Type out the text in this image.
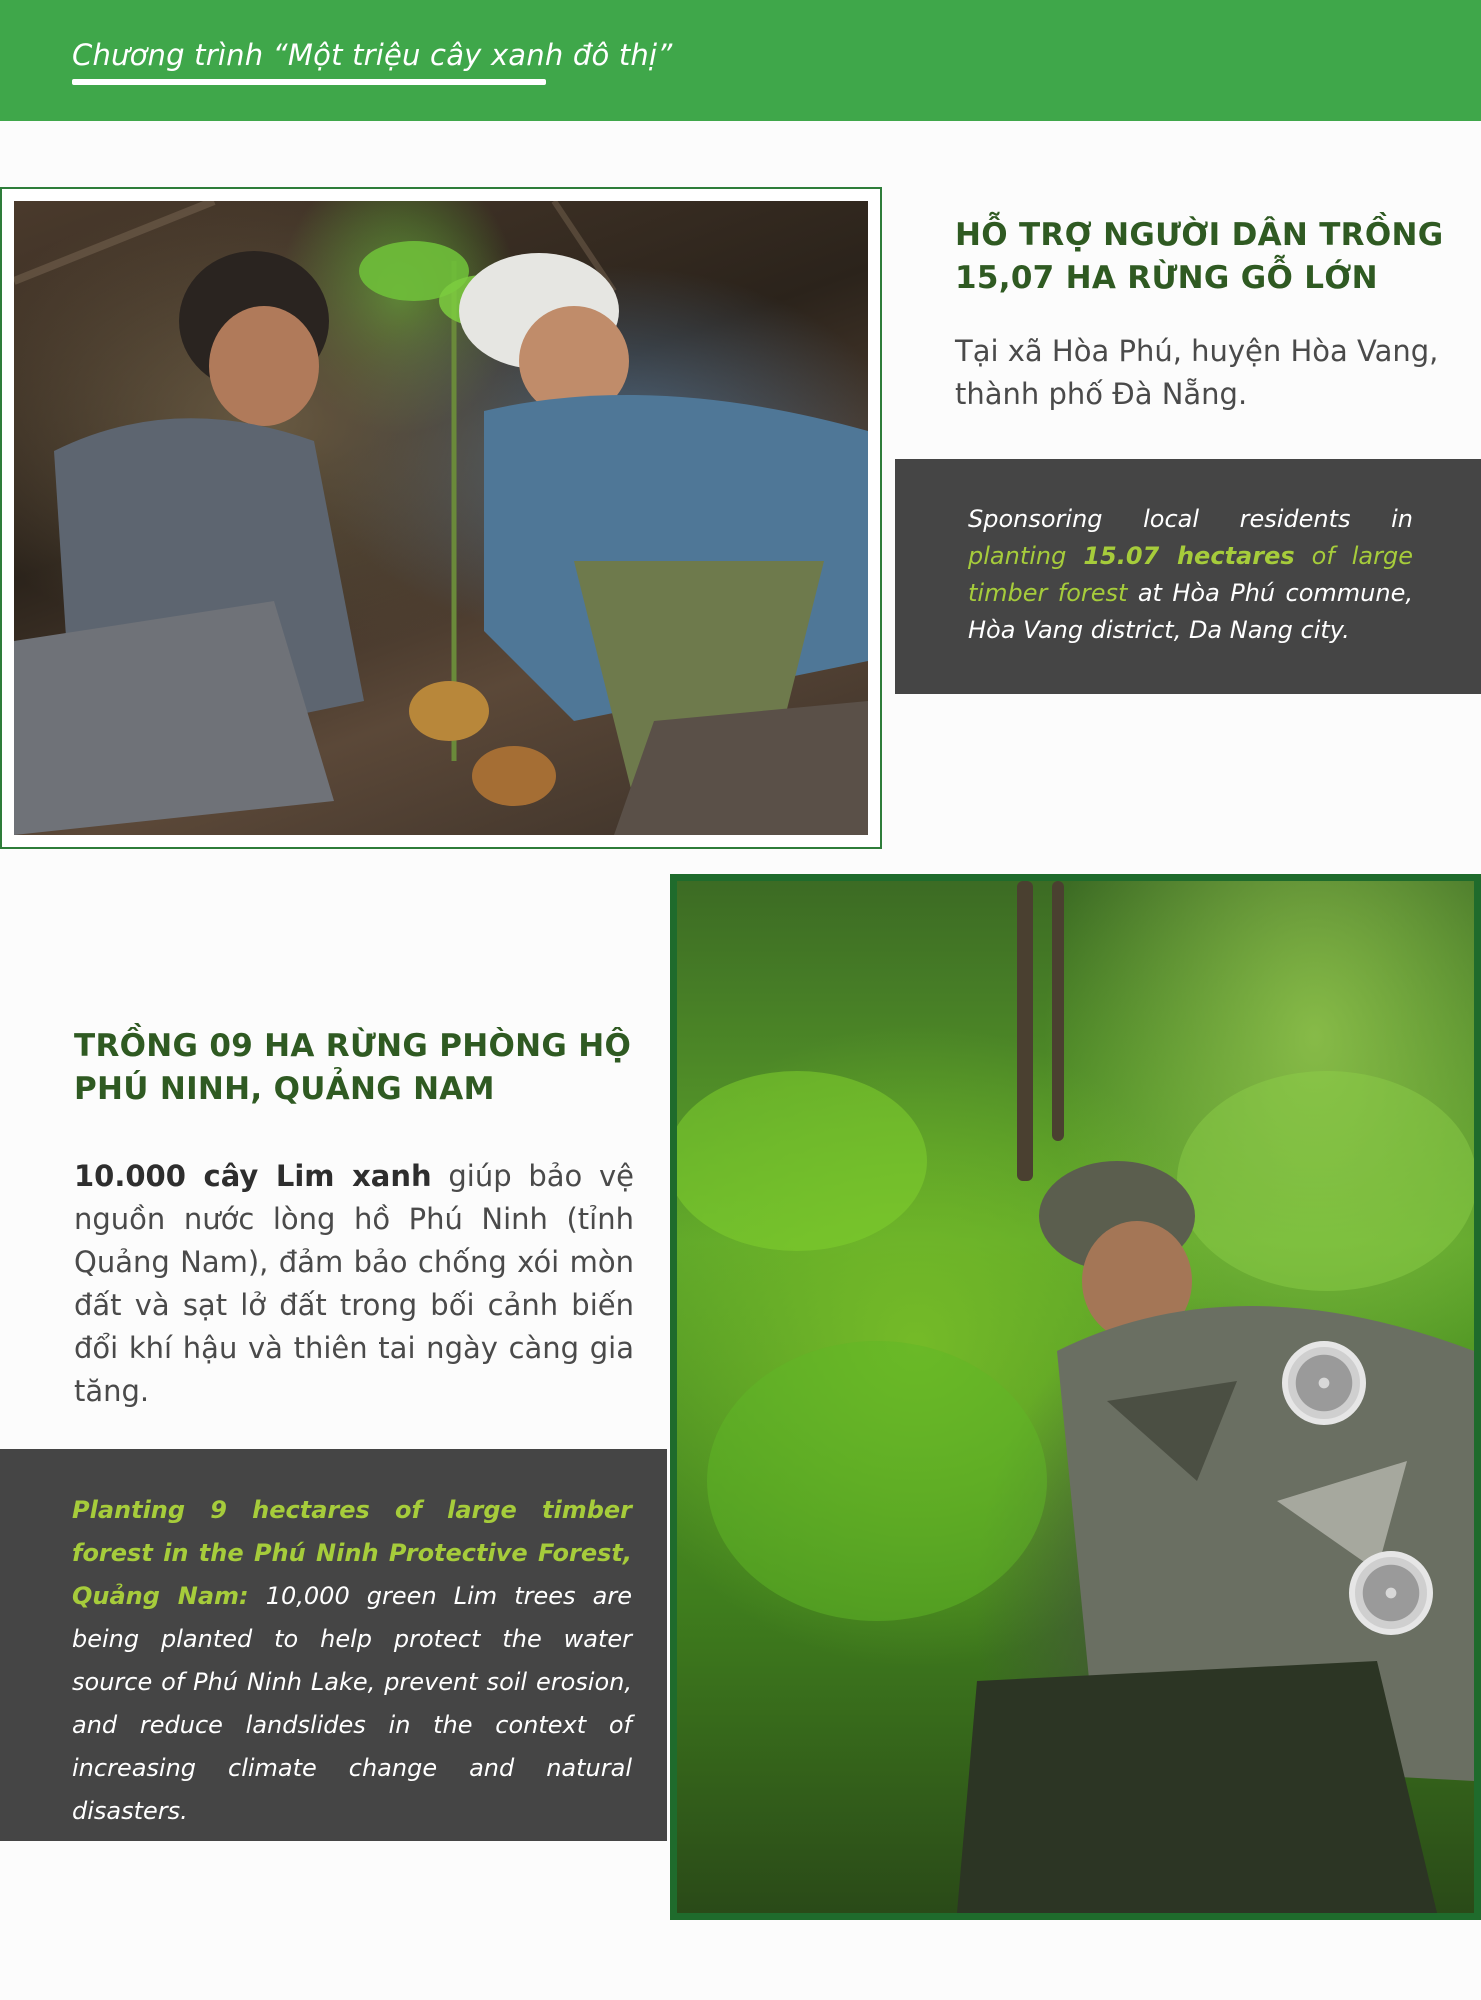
Chương trình “Một triệu cây xanh đô thị”
HỖ TRỢ NGƯỜI DÂN TRỒNG
15,07 HA RỪNG GỖ LỚN

Tại xã Hòa Phú, huyện Hòa Vang, thành phố Đà Nẵng.

Sponsoring local residents in planting 15.07 hectares of large timber forest at Hòa Phú commune, Hòa Vang district, Da Nang city.

TRỒNG 09 HA RỪNG PHÒNG HỘ
PHÚ NINH, QUẢNG NAM

10.000 cây Lim xanh giúp bảo vệ nguồn nước lòng hồ Phú Ninh (tỉnh Quảng Nam), đảm bảo chống xói mòn đất và sạt lở đất trong bối cảnh biến đổi khí hậu và thiên tai ngày càng gia tăng.

Planting 9 hectares of large timber forest in the Phú Ninh Protective Forest, Quảng Nam: 10,000 green Lim trees are being planted to help protect the water source of Phú Ninh Lake, prevent soil erosion, and reduce landslides in the context of increasing climate change and natural disasters.
